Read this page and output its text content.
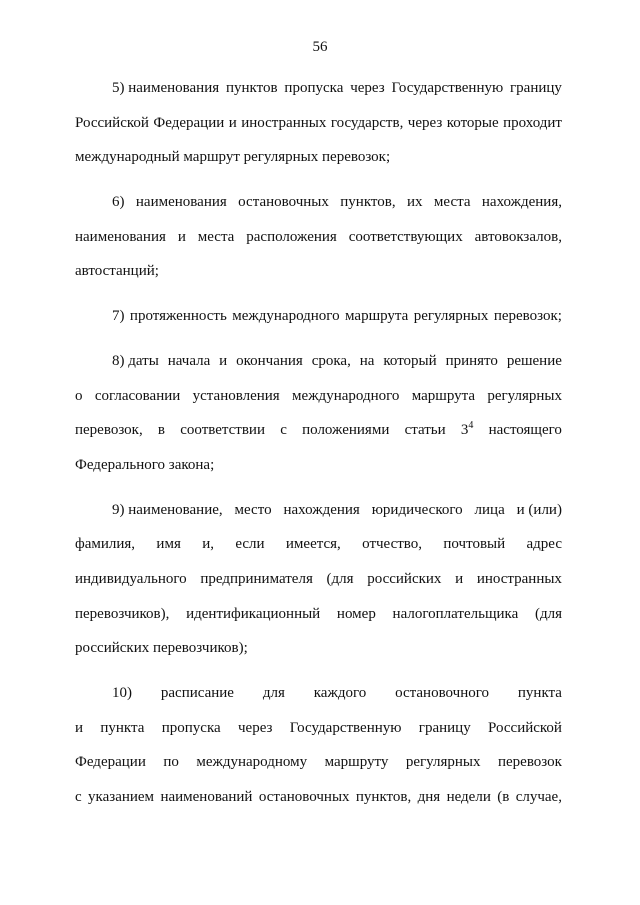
56
5) наименования пунктов пропуска через Государственную границу
Российской Федерации и иностранных государств, через которые проходит
международный маршрут регулярных перевозок;
6) наименования остановочных пунктов, их места нахождения,
наименования и места расположения соответствующих автовокзалов,
автостанций;
7) протяженность международного маршрута регулярных перевозок;
8) даты начала и окончания срока, на который принято решение
о согласовании установления международного маршрута регулярных
перевозок, в соответствии с положениями статьи $3^4$ настоящего
Федерального закона;
9) наименование, место нахождения юридического лица и (или)
фамилия, имя и, если имеется, отчество, почтовый адрес
индивидуального предпринимателя (для российских и иностранных
перевозчиков), идентификационный номер налогоплательщика (для
российских перевозчиков);
10) расписание для каждого остановочного пункта
и пункта пропуска через Государственную границу Российской
Федерации по международному маршруту регулярных перевозок
с указанием наименований остановочных пунктов, дня недели (в случае,
